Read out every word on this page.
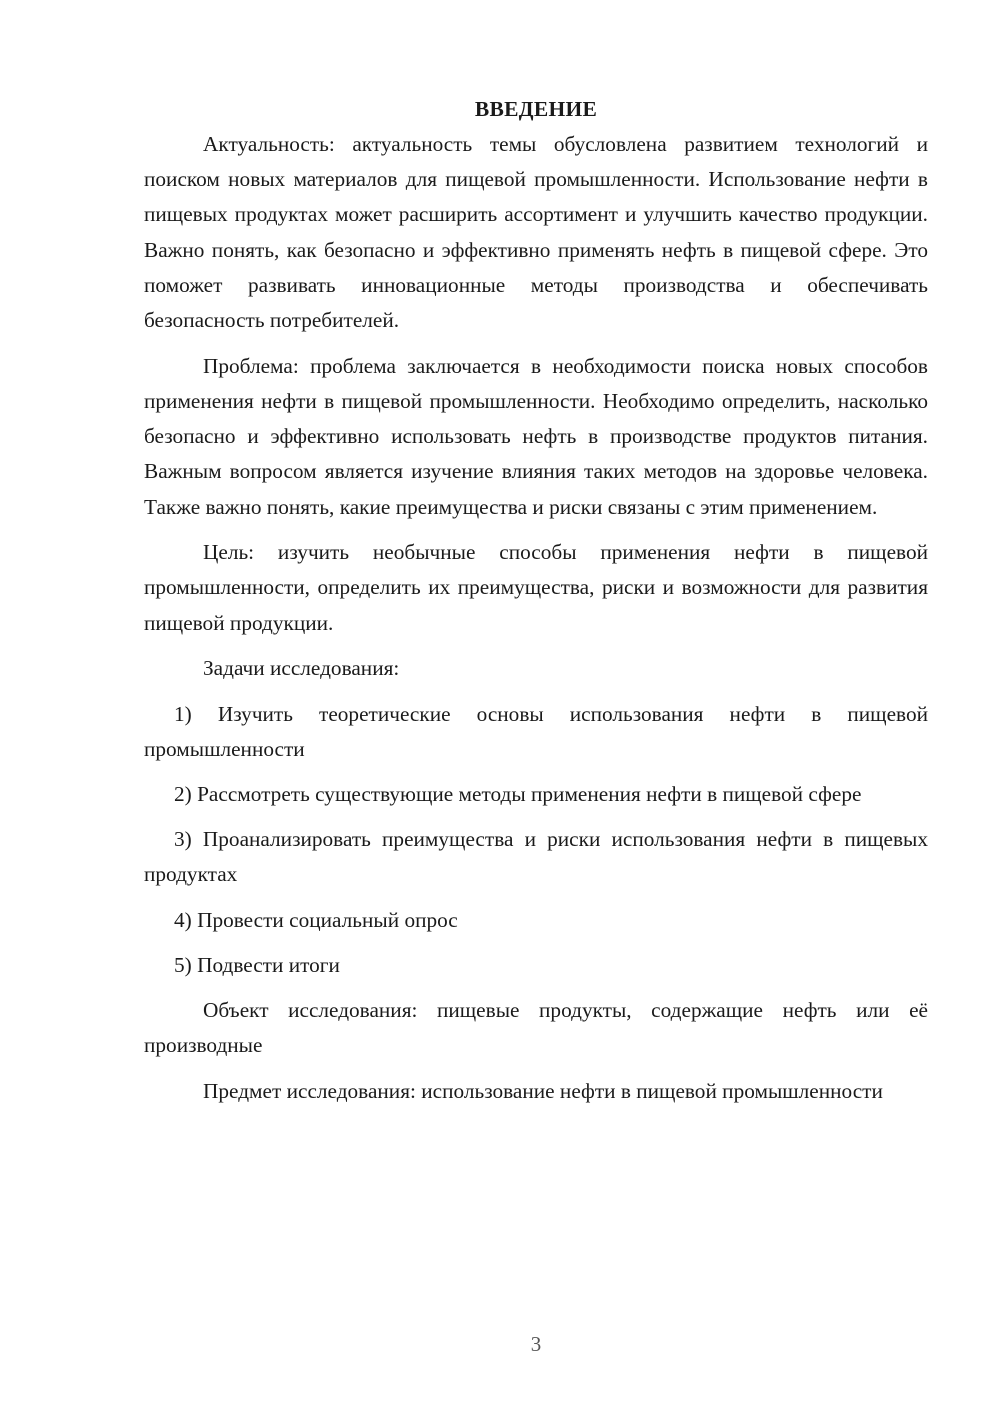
ВВЕДЕНИЕ

Актуальность: актуальность темы обусловлена развитием технологий и поиском новых материалов для пищевой промышленности. Использование нефти в пищевых продуктах может расширить ассортимент и улучшить качество продукции. Важно понять, как безопасно и эффективно применять нефть в пищевой сфере. Это поможет развивать инновационные методы производства и обеспечивать безопасность потребителей.

Проблема: проблема заключается в необходимости поиска новых способов применения нефти в пищевой промышленности. Необходимо определить, насколько безопасно и эффективно использовать нефть в производстве продуктов питания. Важным вопросом является изучение влияния таких методов на здоровье человека. Также важно понять, какие преимущества и риски связаны с этим применением.

Цель: изучить необычные способы применения нефти в пищевой промышленности, определить их преимущества, риски и возможности для развития пищевой продукции.

Задачи исследования:

1) Изучить теоретические основы использования нефти в пищевой промышленности

2) Рассмотреть существующие методы применения нефти в пищевой сфере

3) Проанализировать преимущества и риски использования нефти в пищевых продуктах

4) Провести социальный опрос

5) Подвести итоги

Объект исследования: пищевые продукты, содержащие нефть или её производные

Предмет исследования: использование нефти в пищевой промышленности

3
